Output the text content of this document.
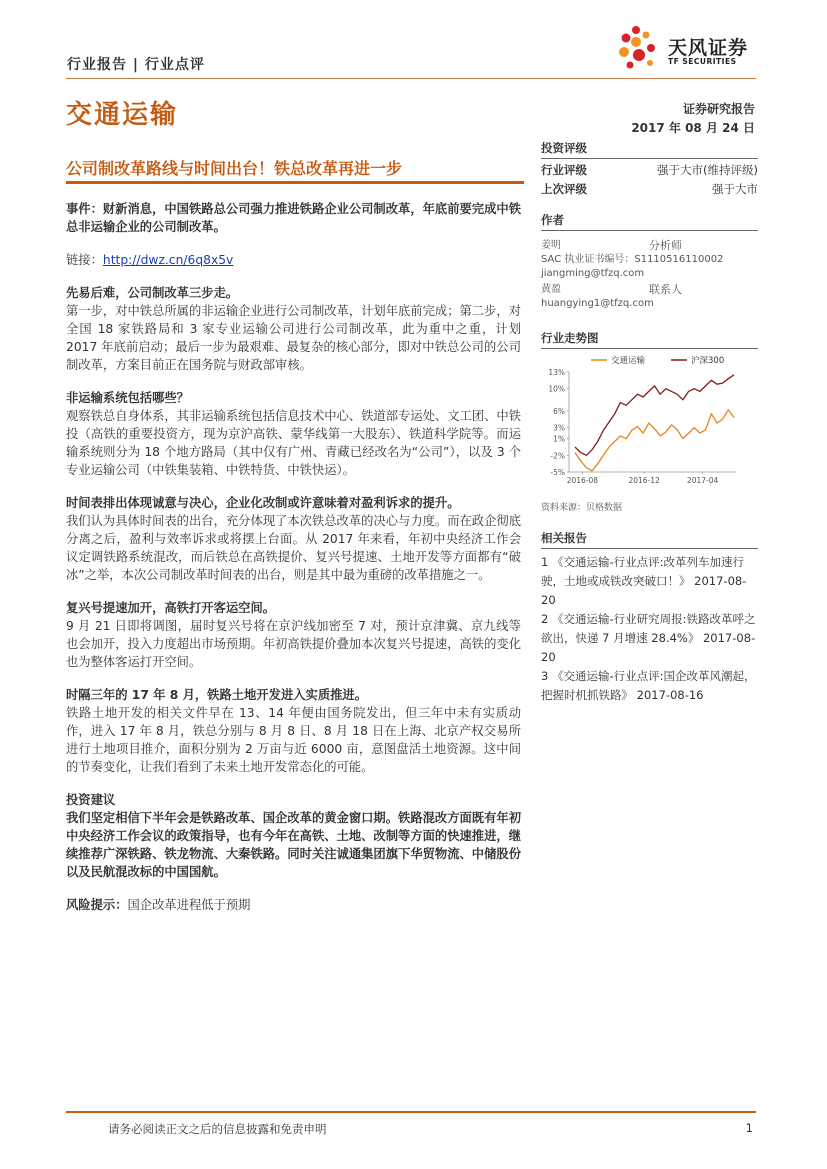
行业报告 | 行业点评
天风证券
TF SECURITIES
交通运输	证券研究报告
2017 年 08 月 24 日
公司制改革路线与时间出台！铁总改革再进一步

事件：财新消息，中国铁路总公司强力推进铁路企业公司制改革，年底前要完成中铁总非运输企业的公司制改革。

链接：http://dwz.cn/6q8x5v

先易后难，公司制改革三步走。

第一步，对中铁总所属的非运输企业进行公司制改革，计划年底前完成；第二步，对全国 18 家铁路局和 3 家专业运输公司进行公司制改革，此为重中之重，计划 2017 年底前启动；最后一步为最艰难、最复杂的核心部分，即对中铁总公司的公司制改革，方案目前正在国务院与财政部审核。

非运输系统包括哪些？

观察铁总自身体系，其非运输系统包括信息技术中心、铁道部专运处、文工团、中铁投（高铁的重要投资方，现为京沪高铁、蒙华线第一大股东）、铁道科学院等。而运输系统则分为 18 个地方路局（其中仅有广州、青藏已经改名为“公司”），以及 3 个专业运输公司（中铁集装箱、中铁特货、中铁快运）。

时间表排出体现诚意与决心，企业化改制或许意味着对盈利诉求的提升。

我们认为具体时间表的出台，充分体现了本次铁总改革的决心与力度。而在政企彻底分离之后，盈利与效率诉求或将摆上台面。从 2017 年来看，年初中央经济工作会议定调铁路系统混改，而后铁总在高铁提价、复兴号提速、土地开发等方面都有“破冰”之举，本次公司制改革时间表的出台，则是其中最为重磅的改革措施之一。

复兴号提速加开，高铁打开客运空间。

9 月 21 日即将调图，届时复兴号将在京沪线加密至 7 对，预计京津冀、京九线等也会加开，投入力度超出市场预期。年初高铁提价叠加本次复兴号提速，高铁的变化也为整体客运打开空间。

时隔三年的 17 年 8 月，铁路土地开发进入实质推进。

铁路土地开发的相关文件早在 13、14 年便由国务院发出，但三年中未有实质动作，进入 17 年 8 月，铁总分别与 8 月 8 日、8 月 18 日在上海、北京产权交易所进行土地项目推介，面积分别为 2 万亩与近 6000 亩，意图盘活土地资源。这中间的节奏变化，让我们看到了未来土地开发常态化的可能。

投资建议

我们坚定相信下半年会是铁路改革、国企改革的黄金窗口期。铁路混改方面既有年初中央经济工作会议的政策指导，也有今年在高铁、土地、改制等方面的快速推进，继续推荐广深铁路、铁龙物流、大秦铁路。同时关注诚通集团旗下华贸物流、中储股份以及民航混改标的中国国航。

风险提示：国企改革进程低于预期

投资评级
行业评级	强于大市(维持评级)
上次评级	强于大市
作者
姜明	分析师
SAC 执业证书编号：S1110516110002
jiangming@tfzq.com
黄盈	联系人
huangying1@tfzq.com
行业走势图
交通运输	沪深300
13%
10%
6%
3%
1%
-2%
-5%
2016-08	2016-12	2017-04
资料来源：贝格数据
相关报告
1 《交通运输-行业点评:改革列车加速行驶，土地或成铁改突破口！》 2017-08-20
2 《交通运输-行业研究周报:铁路改革呼之欲出，快递 7 月增速 28.4%》 2017-08-20
3 《交通运输-行业点评:国企改革风潮起，把握时机抓铁路》 2017-08-16
请务必阅读正文之后的信息披露和免责申明	1
